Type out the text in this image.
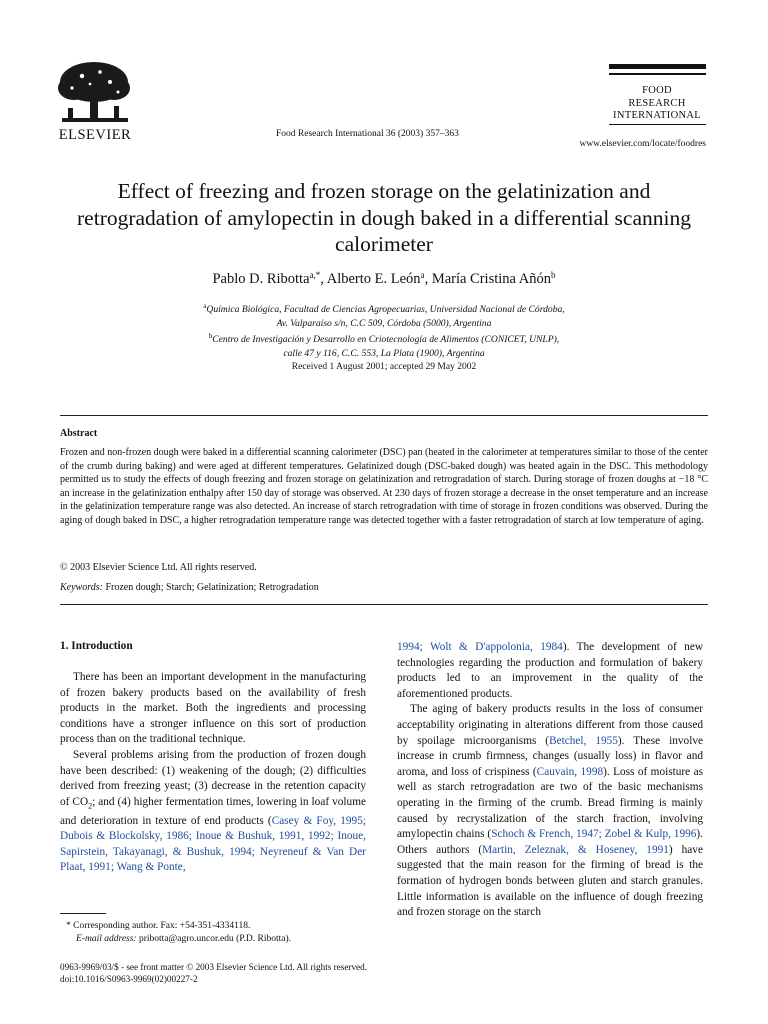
ELSEVIER	Food Research International 36 (2003) 357–363
FOOD
RESEARCH
INTERNATIONAL
www.elsevier.com/locate/foodres
Effect of freezing and frozen storage on the gelatinization and retrogradation of amylopectin in dough baked in a differential scanning calorimeter
Pablo D. Ribotta$^{a,*}$, Alberto E. León$^a$, María Cristina Añón$^b$
$^a$Química Biológica, Facultad de Ciencias Agropecuarias, Universidad Nacional de Córdoba,
Av. Valparaíso s/n, C.C 509, Córdoba (5000), Argentina
$^b$Centro de Investigación y Desarrollo en Criotecnología de Alimentos (CONICET, UNLP),
calle 47 y 116, C.C. 553, La Plata (1900), Argentina
Received 1 August 2001; accepted 29 May 2002
Abstract
Frozen and non-frozen dough were baked in a differential scanning calorimeter (DSC) pan (heated in the calorimeter at temperatures similar to those of the center of the crumb during baking) and were aged at different temperatures. Gelatinized dough (DSC-baked dough) was heated again in the DSC. This methodology permitted us to study the effects of dough freezing and frozen storage on gelatinization and retrogradation of starch. During storage of frozen doughs at −18 °C an increase in the gelatinization enthalpy after 150 day of storage was observed. At 230 days of frozen storage a decrease in the onset temperature and an increase in the gelatinization temperature range was also detected. An increase of starch retrogradation with time of storage in frozen conditions was observed. During the aging of dough baked in DSC, a higher retrogradation temperature range was detected together with a faster retrogradation of starch at low temperature of aging.
© 2003 Elsevier Science Ltd. All rights reserved.
Keywords: Frozen dough; Starch; Gelatinization; Retrogradation
1. Introduction

There has been an important development in the manufacturing of frozen bakery products based on the availability of fresh products in the market. Both the ingredients and processing conditions have a stronger influence on this sort of production process than on the traditional technique.

Several problems arising from the production of frozen dough have been described: (1) weakening of the dough; (2) difficulties derived from freezing yeast; (3) decrease in the retention capacity of $CO_2$; and (4) higher fermentation times, lowering in loaf volume and deterioration in texture of end products (Casey & Foy, 1995; Dubois & Blockolsky, 1986; Inoue & Bushuk, 1991, 1992; Inoue, Sapirstein, Takayanagi, & Bushuk, 1994; Neyreneuf & Van Der Plaat, 1991; Wang & Ponte,

1994; Wolt & D'appolonia, 1984). The development of new technologies regarding the production and formulation of bakery products led to an improvement in the quality of the aforementioned products.

The aging of bakery products results in the loss of consumer acceptability originating in alterations different from those caused by spoilage microorganisms (Betchel, 1955). These involve increase in crumb firmness, changes (usually loss) in flavor and aroma, and loss of crispiness (Cauvain, 1998). Loss of moisture as well as starch retrogradation are two of the basic mechanisms operating in the firming of the crumb. Bread firming is mainly caused by recrystalization of the starch fraction, involving amylopectin chains (Schoch & French, 1947; Zobel & Kulp, 1996). Others authors (Martin, Zeleznak, & Hoseney, 1991) have suggested that the main reason for the firming of bread is the formation of hydrogen bonds between gluten and starch granules. Little information is available on the influence of dough freezing and frozen storage on the starch

* Corresponding author. Fax: +54-351-4334118.
E-mail address: pribotta@agro.uncor.edu (P.D. Ribotta).
0963-9969/03/$ - see front matter © 2003 Elsevier Science Ltd. All rights reserved.
doi:10.1016/S0963-9969(02)00227-2
